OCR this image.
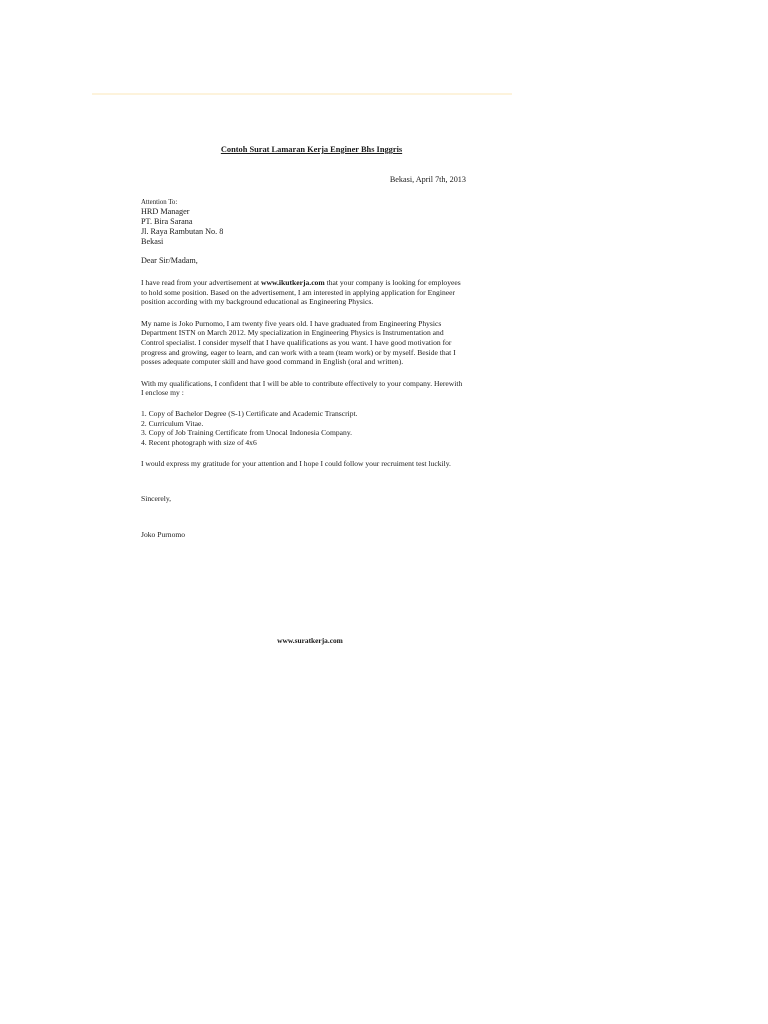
Contoh Surat Lamaran Kerja Enginer Bhs Inggris
Bekasi, April 7th, 2013
Attention To:
HRD Manager
PT. Bira Sarana
Jl. Raya Rambutan No. 8
Bekasi
Dear Sir/Madam,

I have read from your advertisement at www.ikutkerja.com that your company is looking for employees to hold some position. Based on the advertisement, I am interested in applying application for Engineer position according with my background educational as Engineering Physics.

My name is Joko Purnomo, I am twenty five years old. I have graduated from Engineering Physics Department ISTN on March 2012. My specialization in Engineering Physics is Instrumentation and Control specialist. I consider myself that I have qualifications as you want. I have good motivation for progress and growing, eager to learn, and can work with a team (team work) or by myself. Beside that I posses adequate computer skill and have good command in English (oral and written).

With my qualifications, I confident that I will be able to contribute effectively to your company. Herewith I enclose my :

1. Copy of Bachelor Degree (S-1) Certificate and Academic Transcript.
2. Curriculum Vitae.
3. Copy of Job Training Certificate from Unocal Indonesia Company.
4. Recent photograph with size of 4x6

I would express my gratitude for your attention and I hope I could follow your recruiment test luckily.

Sincerely,
Joko Purnomo
www.suratkerja.com
